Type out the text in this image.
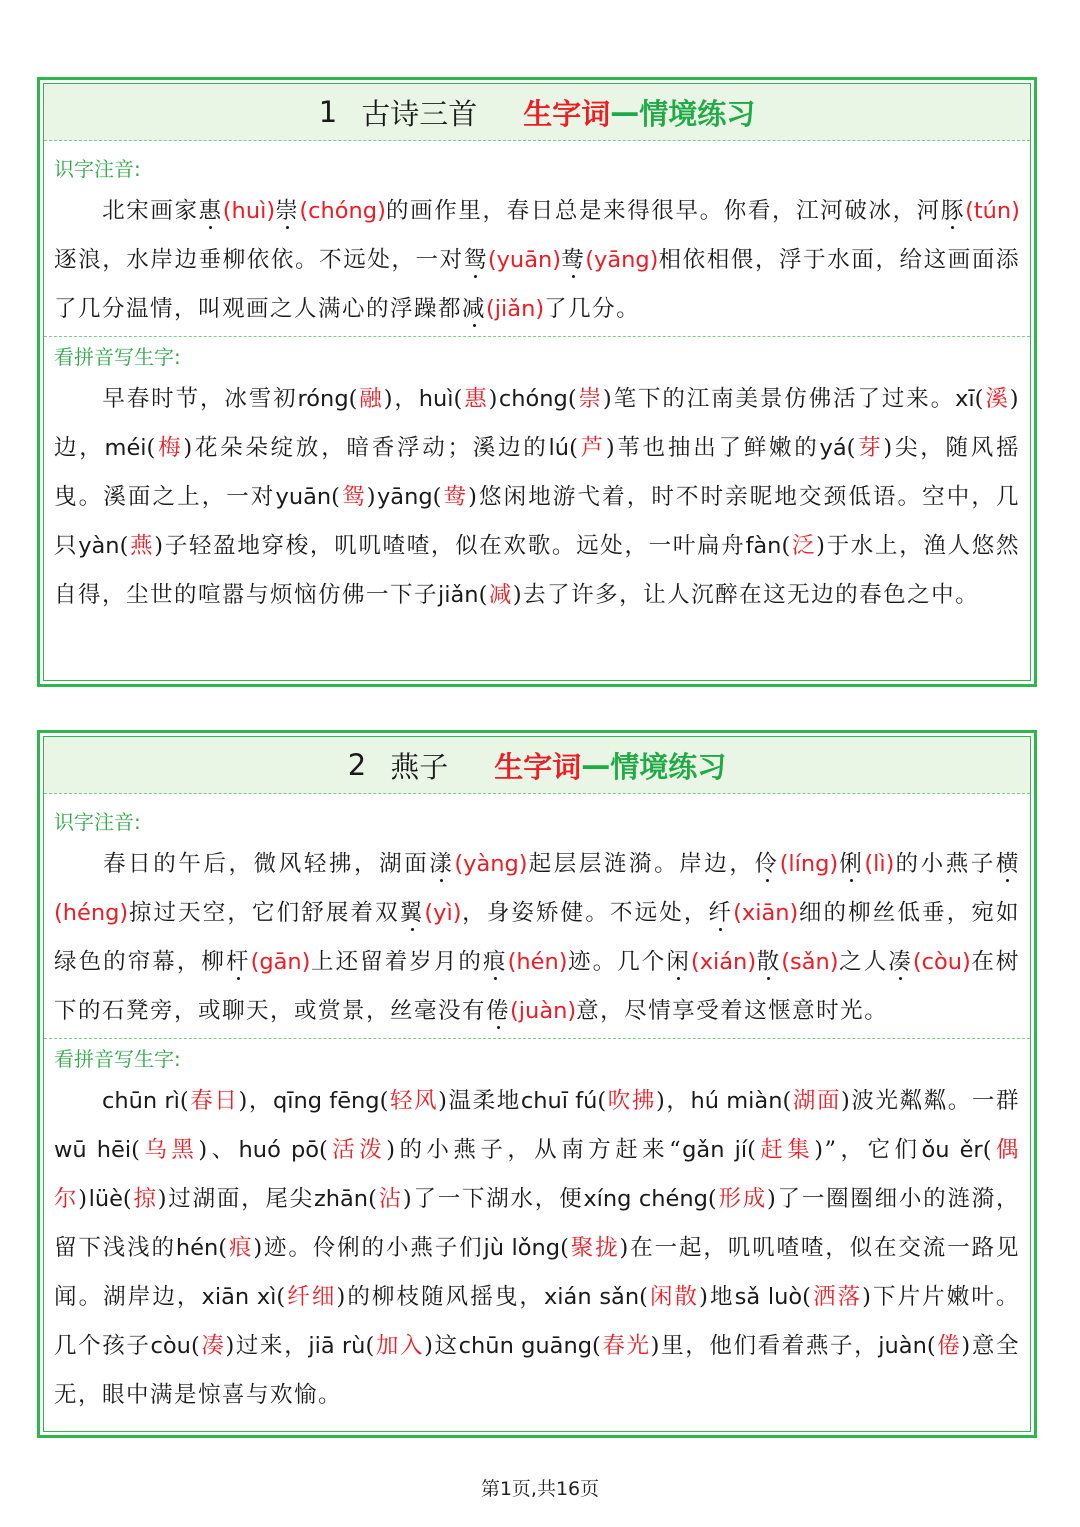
1 古诗三首 生字词 — 情境练习
识字注音:
北宋画家惠(huì)崇(chóng)的画作里，春日总是来得很早。你看，江河破冰，河豚(tún)逐浪，水岸边垂柳依依。不远处，一对鸳(yuān)鸯(yāng)相依相偎，浮于水面，给这画面添了几分温情，叫观画之人满心的浮躁都减(jiǎn)了几分。
看拼音写生字:
早春时节，冰雪初róng(融)，huì(惠)chóng(崇)笔下的江南美景仿佛活了过来。xī(溪)边，méi(梅)花朵朵绽放，暗香浮动；溪边的lú(芦)苇也抽出了鲜嫩的yá(芽)尖，随风摇曳。溪面之上，一对yuān(鸳)yāng(鸯)悠闲地游弋着，时不时亲昵地交颈低语。空中，几只yàn(燕)子轻盈地穿梭，叽叽喳喳，似在欢歌。远处，一叶扁舟fàn(泛)于水上，渔人悠然自得，尘世的喧嚣与烦恼仿佛一下子jiǎn(减)去了许多，让人沉醉在这无边的春色之中。
2 燕子 生字词 — 情境练习
识字注音:
春日的午后，微风轻拂，湖面漾(yàng)起层层涟漪。岸边，伶(líng)俐(lì)的小燕子横(héng)掠过天空，它们舒展着双翼(yì)，身姿矫健。不远处，纤(xiān)细的柳丝低垂，宛如绿色的帘幕，柳杆(gān)上还留着岁月的痕(hén)迹。几个闲(xián)散(sǎn)之人凑(còu)在树下的石凳旁，或聊天，或赏景，丝毫没有倦(juàn)意，尽情享受着这惬意时光。
看拼音写生字:
chūn rì(春日)，qīng fēng(轻风)温柔地chuī fú(吹拂)，hú miàn(湖面)波光粼粼。一群wū hēi(乌黑)、huó pō(活泼)的小燕子，从南方赶来“gǎn jí(赶集)”，它们ǒu ěr(偶尔)lüè(掠)过湖面，尾尖zhān(沾)了一下湖水，便xíng chéng(形成)了一圈圈细小的涟漪，留下浅浅的hén(痕)迹。伶俐的小燕子们jù lǒng(聚拢)在一起，叽叽喳喳，似在交流一路见闻。湖岸边，xiān xì(纤细)的柳枝随风摇曳，xián sǎn(闲散)地sǎ luò(洒落)下片片嫩叶。几个孩子còu(凑)过来，jiā rù(加入)这chūn guāng(春光)里，他们看着燕子，juàn(倦)意全无，眼中满是惊喜与欢愉。
第1页,共16页
